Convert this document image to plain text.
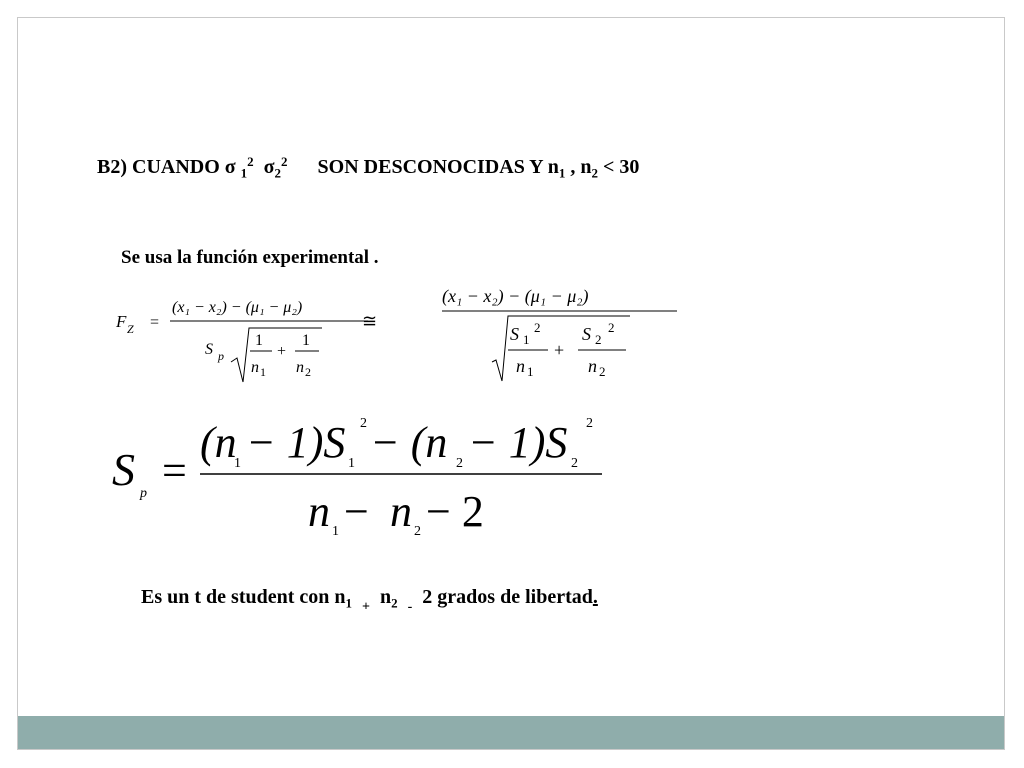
B2) CUANDO σ $_1^2$ $\sigma_2^2$ SON DESCONOCIDAS Y $n_1$ , $n_2 < 30$
Se usa la función experimental .
F Z =
(x₁ − x₂) − (μ₁ − μ₂)
S p
1
n 1
+
1
n 2
≅
(x₁ − x₂) − (μ₁ − μ₂)
S 1
2
n 1
+
S 2
2
n 2
S p =
(n
1 − 1)S 1
2 − (n 2 − 1)S 2
2
n 1 − n 2 − 2
Es un t de student con $n_1$ $_+$ $n_2$ $_-$ 2 grados de libertad.
